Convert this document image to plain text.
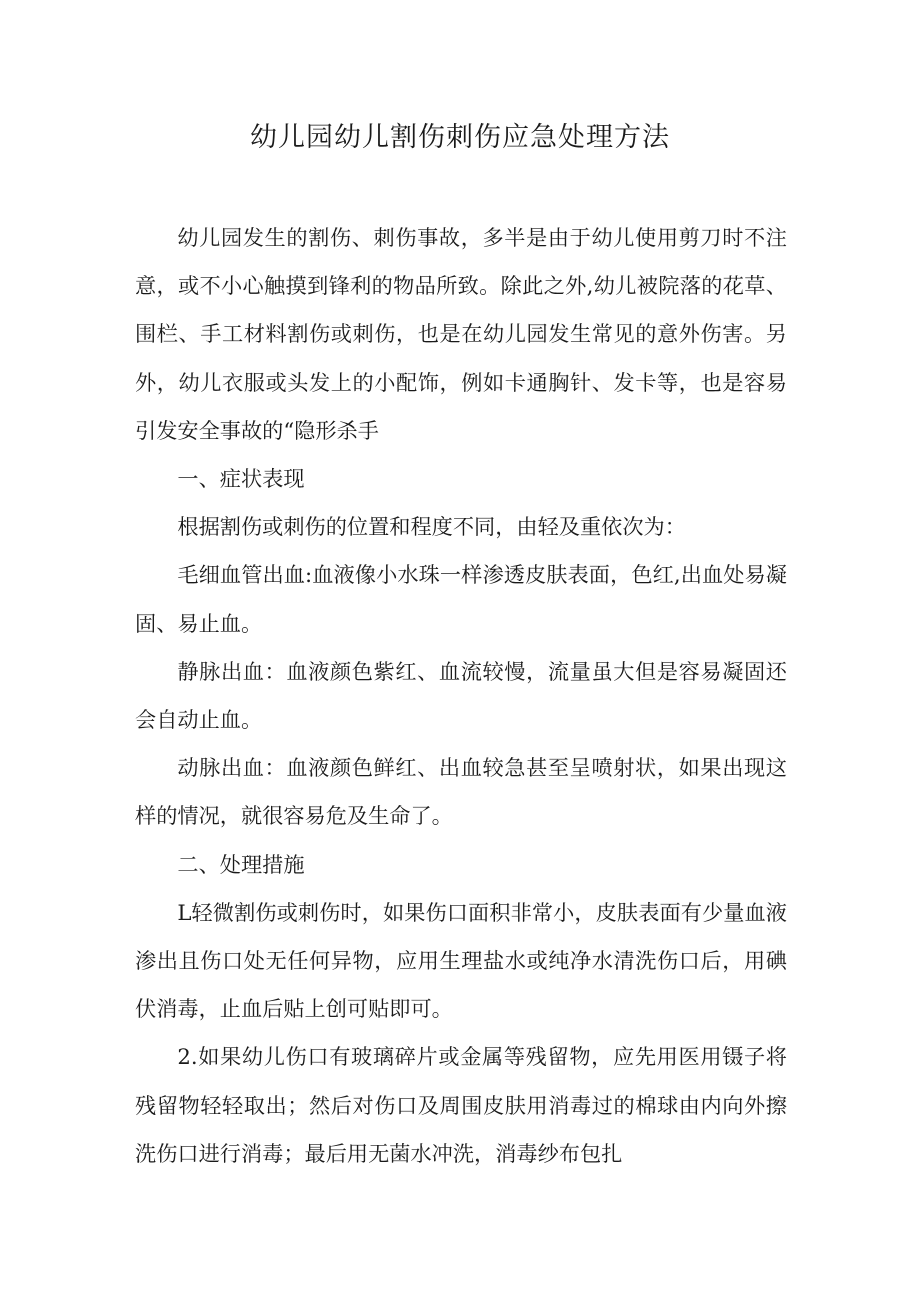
幼儿园幼儿割伤刺伤应急处理方法

幼儿园发生的割伤、刺伤事故，多半是由于幼儿使用剪刀时不注意，或不小心触摸到锋利的物品所致。除此之外,幼儿被院落的花草、围栏、手工材料割伤或刺伤，也是在幼儿园发生常见的意外伤害。另外，幼儿衣服或头发上的小配饰，例如卡通胸针、发卡等，也是容易引发安全事故的“隐形杀手

一、症状表现

根据割伤或刺伤的位置和程度不同，由轻及重依次为：

毛细血管出血:血液像小水珠一样渗透皮肤表面，色红,出血处易凝固、易止血。

静脉出血：血液颜色紫红、血流较慢，流量虽大但是容易凝固还会自动止血。

动脉出血：血液颜色鲜红、出血较急甚至呈喷射状，如果出现这样的情况，就很容易危及生命了。

二、处理措施

L轻微割伤或刺伤时，如果伤口面积非常小，皮肤表面有少量血液渗出且伤口处无任何异物，应用生理盐水或纯净水清洗伤口后，用碘伏消毒，止血后贴上创可贴即可。

2.如果幼儿伤口有玻璃碎片或金属等残留物，应先用医用镊子将残留物轻轻取出；然后对伤口及周围皮肤用消毒过的棉球由内向外擦洗伤口进行消毒；最后用无菌水冲洗，消毒纱布包扎
